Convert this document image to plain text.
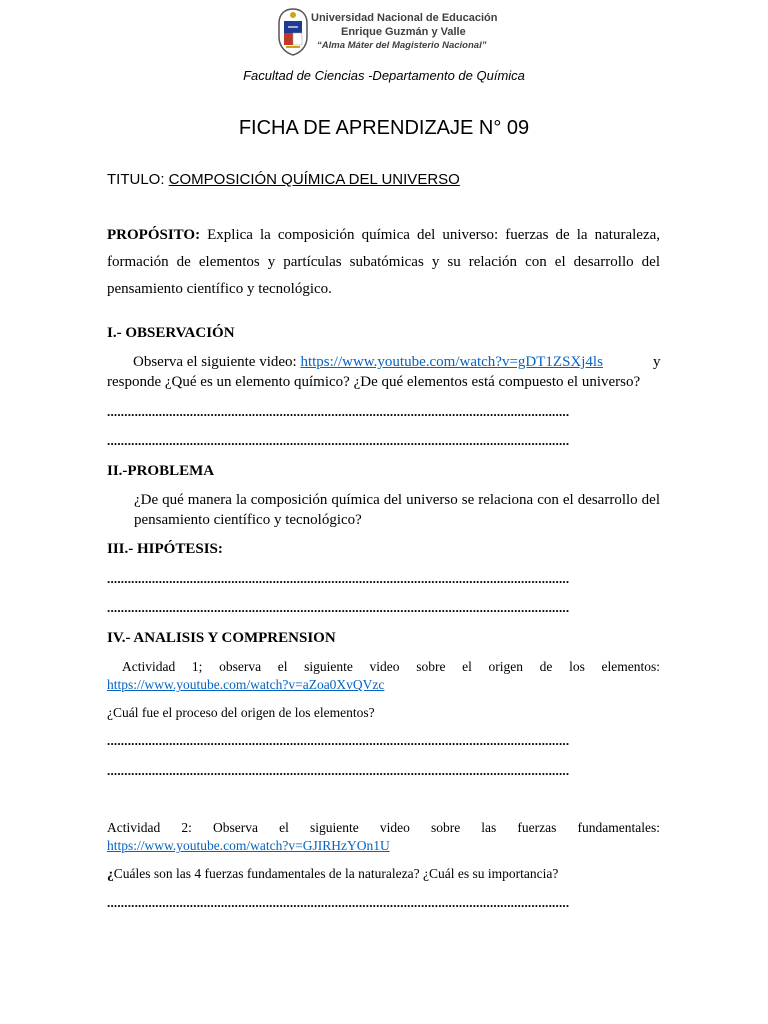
Universidad Nacional de Educación
Enrique Guzmán y Valle
“Alma Máter del Magisterio Nacional”
Facultad de Ciencias -Departamento de Química
FICHA DE APRENDIZAJE N° 09
TITULO: COMPOSICIÓN QUÍMICA DEL UNIVERSO
PROPÓSITO: Explica la composición química del universo: fuerzas de la naturaleza,
formación de elementos y partículas subatómicas y su relación con el desarrollo del
pensamiento científico y tecnológico.
I.- OBSERVACIÓN
Observa el siguiente video: https://www.youtube.com/watch?v=gDT1ZSXj4ls	y
responde ¿Qué es un elemento químico? ¿De qué elementos está compuesto el universo?
......................................................................................................................................
......................................................................................................................................
II.-PROBLEMA
¿De qué manera la composición química del universo se relaciona con el desarrollo del
pensamiento científico y tecnológico?
III.- HIPÓTESIS:
......................................................................................................................................
......................................................................................................................................
IV.- ANALISIS Y COMPRENSION
Actividad 1; observa el siguiente video sobre el origen de los elementos:
https://www.youtube.com/watch?v=aZoa0XvQVzc
¿Cuál fue el proceso del origen de los elementos?
......................................................................................................................................
......................................................................................................................................
Actividad 2: Observa el siguiente video sobre las fuerzas fundamentales:
https://www.youtube.com/watch?v=GJIRHzYOn1U
¿Cuáles son las 4 fuerzas fundamentales de la naturaleza? ¿Cuál es su importancia?
......................................................................................................................................
